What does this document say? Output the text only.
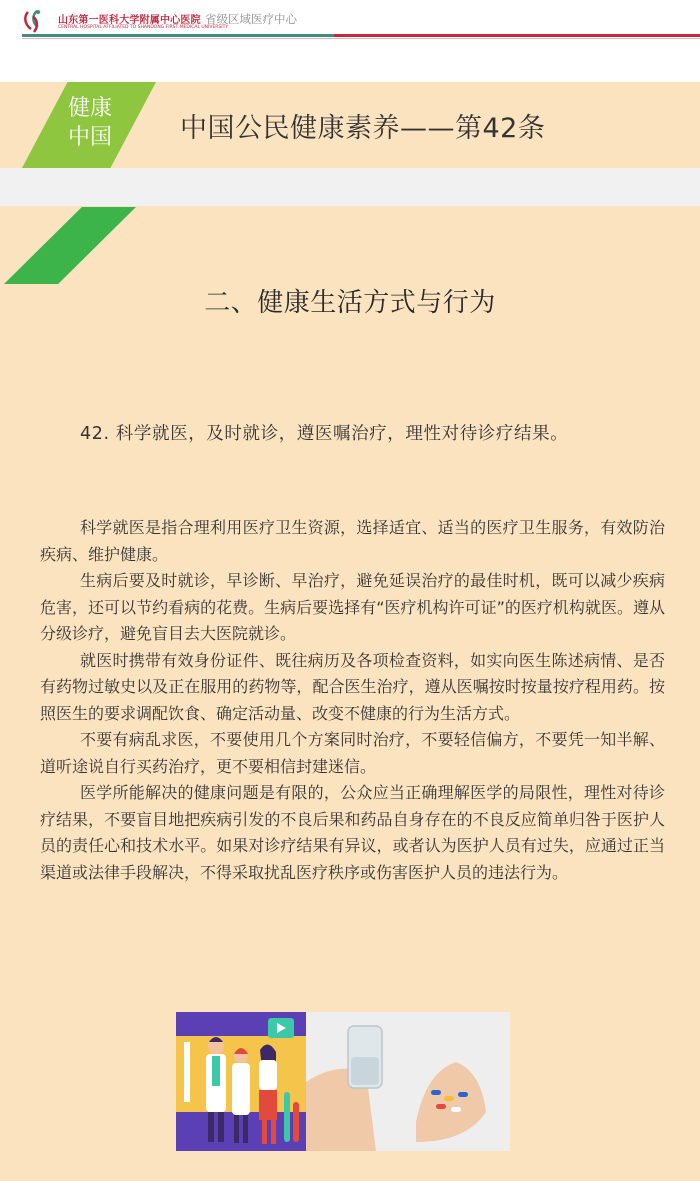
山东第一医科大学附属中心医院
CENTRAL HOSPITAL AFFILIATED TO SHANDONG FIRST MEDICAL UNIVERSITY
省级区域医疗中心
健康
中国	中国公民健康素养——第42条
二、健康生活方式与行为
42. 科学就医，及时就诊，遵医嘱治疗，理性对待诊疗结果。

科学就医是指合理利用医疗卫生资源，选择适宜、适当的医疗卫生服务，有效防治疾病、维护健康。

生病后要及时就诊，早诊断、早治疗，避免延误治疗的最佳时机，既可以减少疾病危害，还可以节约看病的花费。生病后要选择有“医疗机构许可证”的医疗机构就医。遵从分级诊疗，避免盲目去大医院就诊。

就医时携带有效身份证件、既往病历及各项检查资料，如实向医生陈述病情、是否有药物过敏史以及正在服用的药物等，配合医生治疗，遵从医嘱按时按量按疗程用药。按照医生的要求调配饮食、确定活动量、改变不健康的行为生活方式。

不要有病乱求医，不要使用几个方案同时治疗，不要轻信偏方，不要凭一知半解、道听途说自行买药治疗，更不要相信封建迷信。

医学所能解决的健康问题是有限的，公众应当正确理解医学的局限性，理性对待诊疗结果，不要盲目地把疾病引发的不良后果和药品自身存在的不良反应简单归咎于医护人员的责任心和技术水平。如果对诊疗结果有异议，或者认为医护人员有过失，应通过正当渠道或法律手段解决，不得采取扰乱医疗秩序或伤害医护人员的违法行为。
